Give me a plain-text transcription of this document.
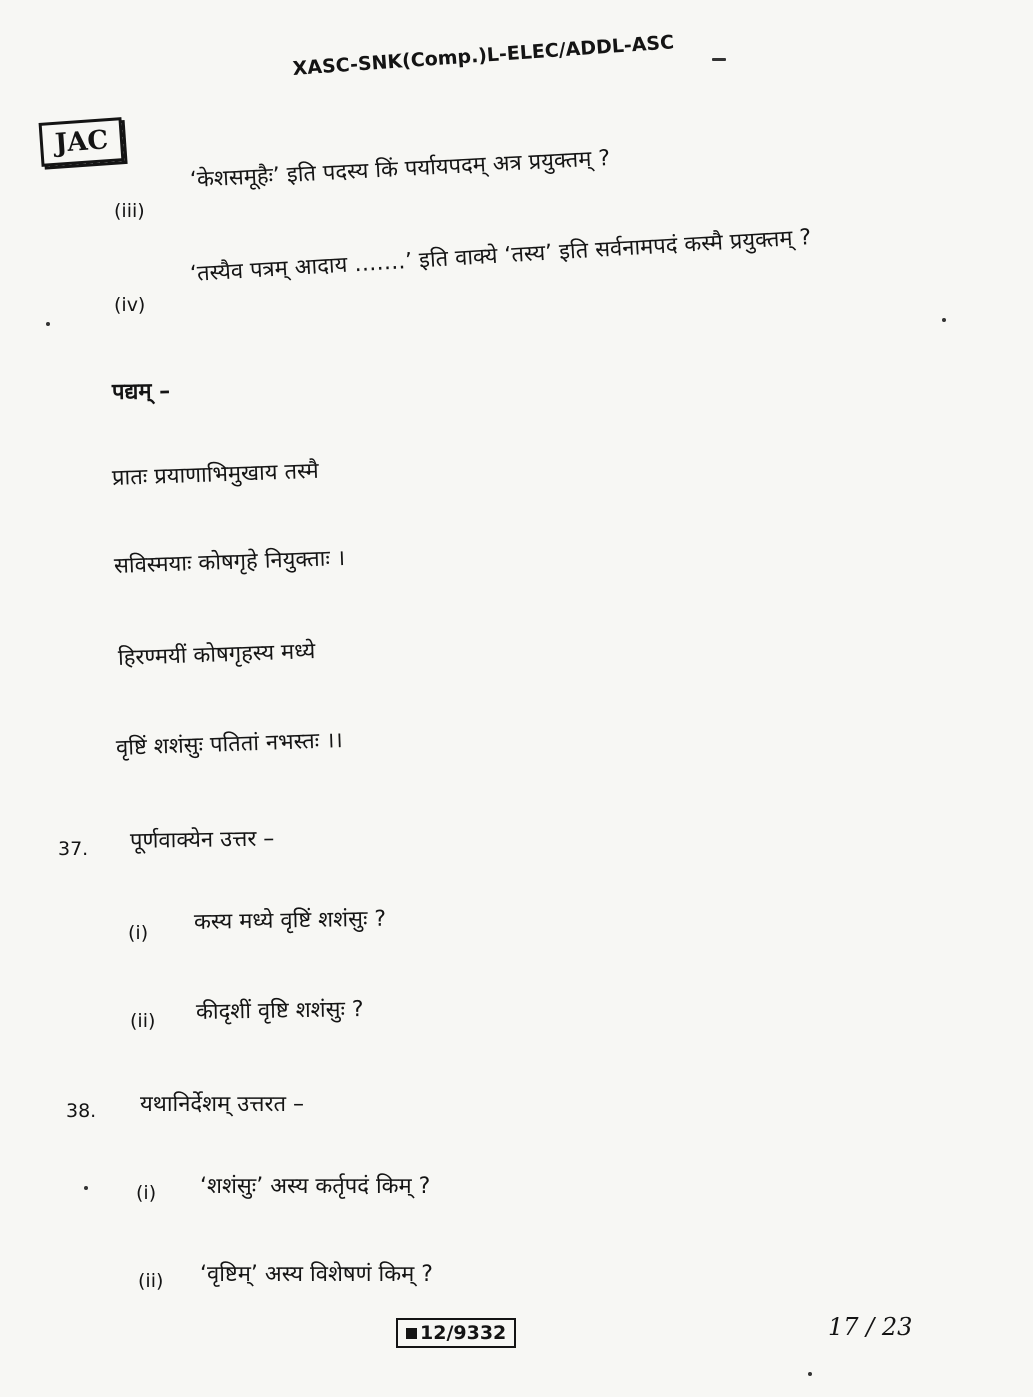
XASC-SNK(Comp.)L-ELEC/ADDL-ASC
JAC
(iii)
‘केशसमूहैः’ इति पदस्य किं पर्यायपदम् अत्र प्रयुक्तम् ?
(iv)
‘तस्यैव पत्रम् आदाय …….’ इति वाक्ये ‘तस्य’ इति सर्वनामपदं कस्मै प्रयुक्तम् ?
पद्यम् –
प्रातः प्रयाणाभिमुखाय तस्मै
सविस्मयाः कोषगृहे नियुक्ताः ।
हिरण्मयीं कोषगृहस्य मध्ये
वृष्टिं शशंसुः पतितां नभस्तः ।।
37. पूर्णवाक्येन उत्तर –
(i) कस्य मध्ये वृष्टिं शशंसुः ?
(ii) कीदृशीं वृष्टि शशंसुः ?
38. यथानिर्देशम् उत्तरत –
(i) ‘शशंसुः’ अस्य कर्तृपदं किम् ?
(ii) ‘वृष्टिम्’ अस्य विशेषणं किम् ?
12/9332	17 / 23
